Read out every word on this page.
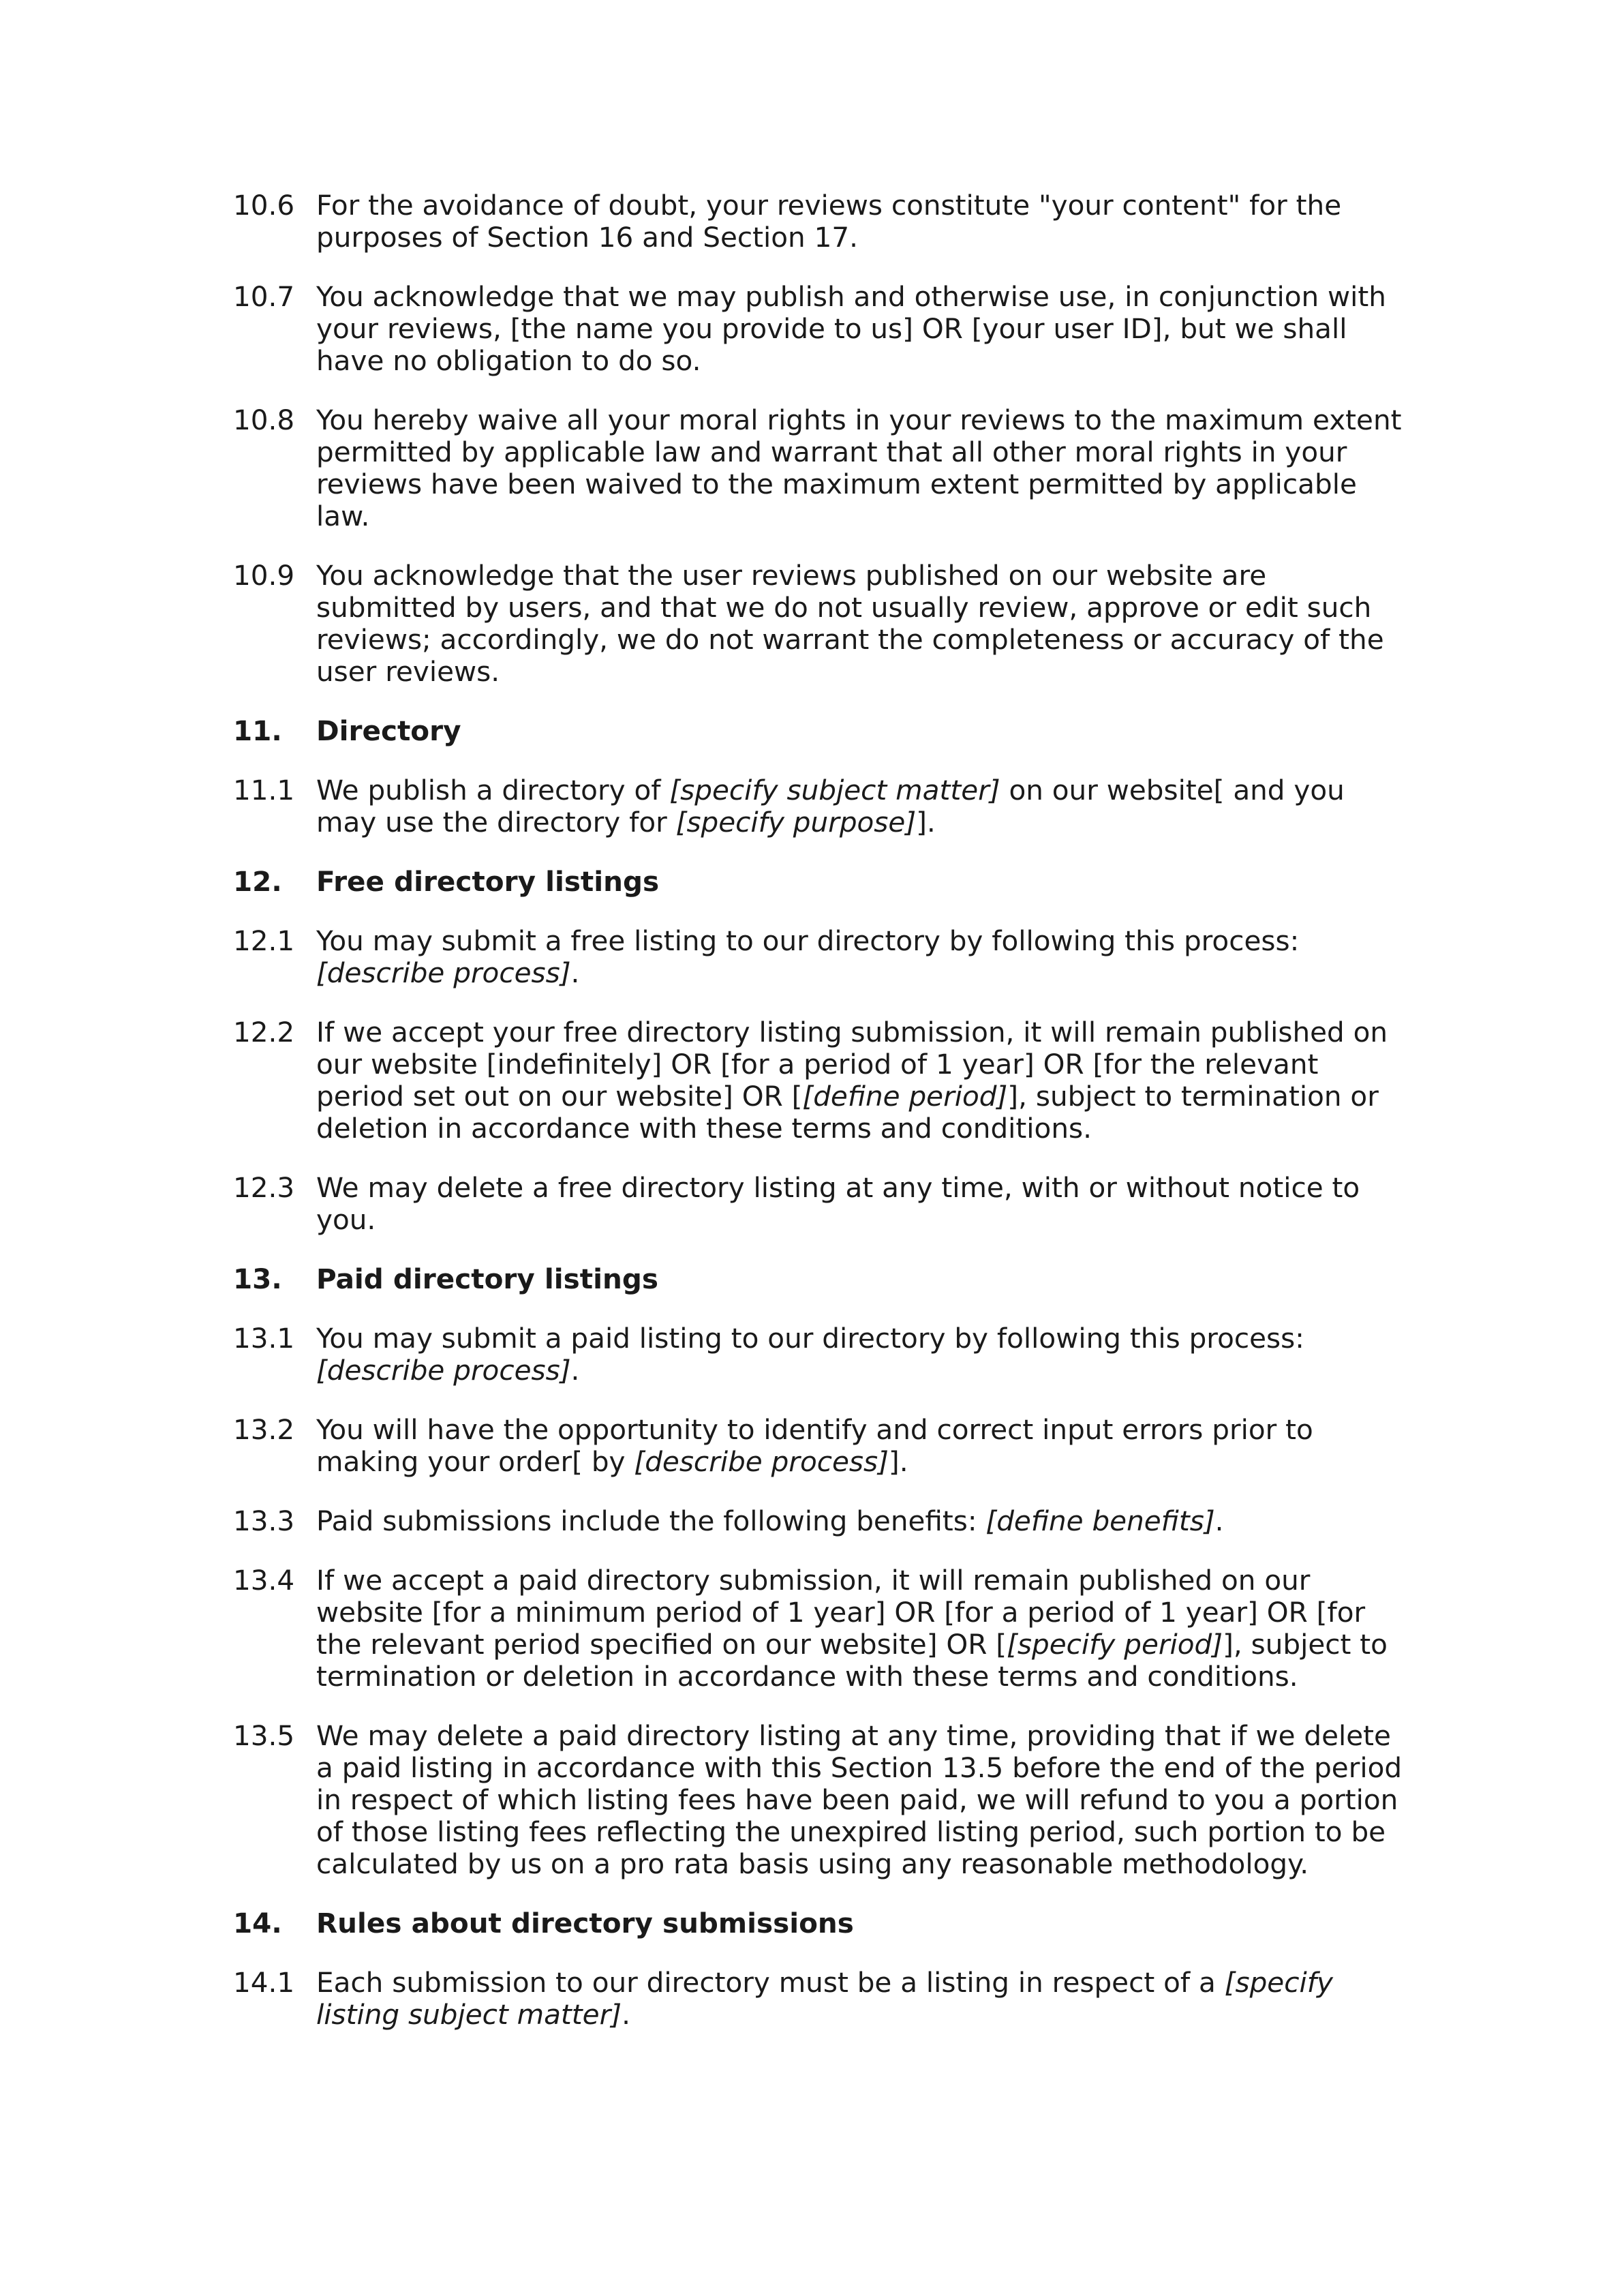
10.6 For the avoidance of doubt, your reviews constitute "your content" for the purposes of Section 16 and Section 17.
10.7 You acknowledge that we may publish and otherwise use, in conjunction with your reviews, [the name you provide to us] OR [your user ID], but we shall have no obligation to do so.
10.8 You hereby waive all your moral rights in your reviews to the maximum extent permitted by applicable law and warrant that all other moral rights in your reviews have been waived to the maximum extent permitted by applicable law.
10.9 You acknowledge that the user reviews published on our website are submitted by users, and that we do not usually review, approve or edit such reviews; accordingly, we do not warrant the completeness or accuracy of the user reviews.
11.	Directory
11.1 We publish a directory of [specify subject matter] on our website[ and you may use the directory for [specify purpose]].
12.	Free directory listings
12.1 You may submit a free listing to our directory by following this process: [describe process].
12.2 If we accept your free directory listing submission, it will remain published on our website [indefinitely] OR [for a period of 1 year] OR [for the relevant period set out on our website] OR [[define period]], subject to termination or deletion in accordance with these terms and conditions.
12.3 We may delete a free directory listing at any time, with or without notice to you.
13.	Paid directory listings
13.1 You may submit a paid listing to our directory by following this process: [describe process].
13.2 You will have the opportunity to identify and correct input errors prior to making your order[ by [describe process]].
13.3 Paid submissions include the following benefits: [define benefits].
13.4 If we accept a paid directory submission, it will remain published on our website [for a minimum period of 1 year] OR [for a period of 1 year] OR [for the relevant period specified on our website] OR [[specify period]], subject to termination or deletion in accordance with these terms and conditions.
13.5 We may delete a paid directory listing at any time, providing that if we delete a paid listing in accordance with this Section 13.5 before the end of the period in respect of which listing fees have been paid, we will refund to you a portion of those listing fees reflecting the unexpired listing period, such portion to be calculated by us on a pro rata basis using any reasonable methodology.
14.	Rules about directory submissions
14.1 Each submission to our directory must be a listing in respect of a [specify listing subject matter].
